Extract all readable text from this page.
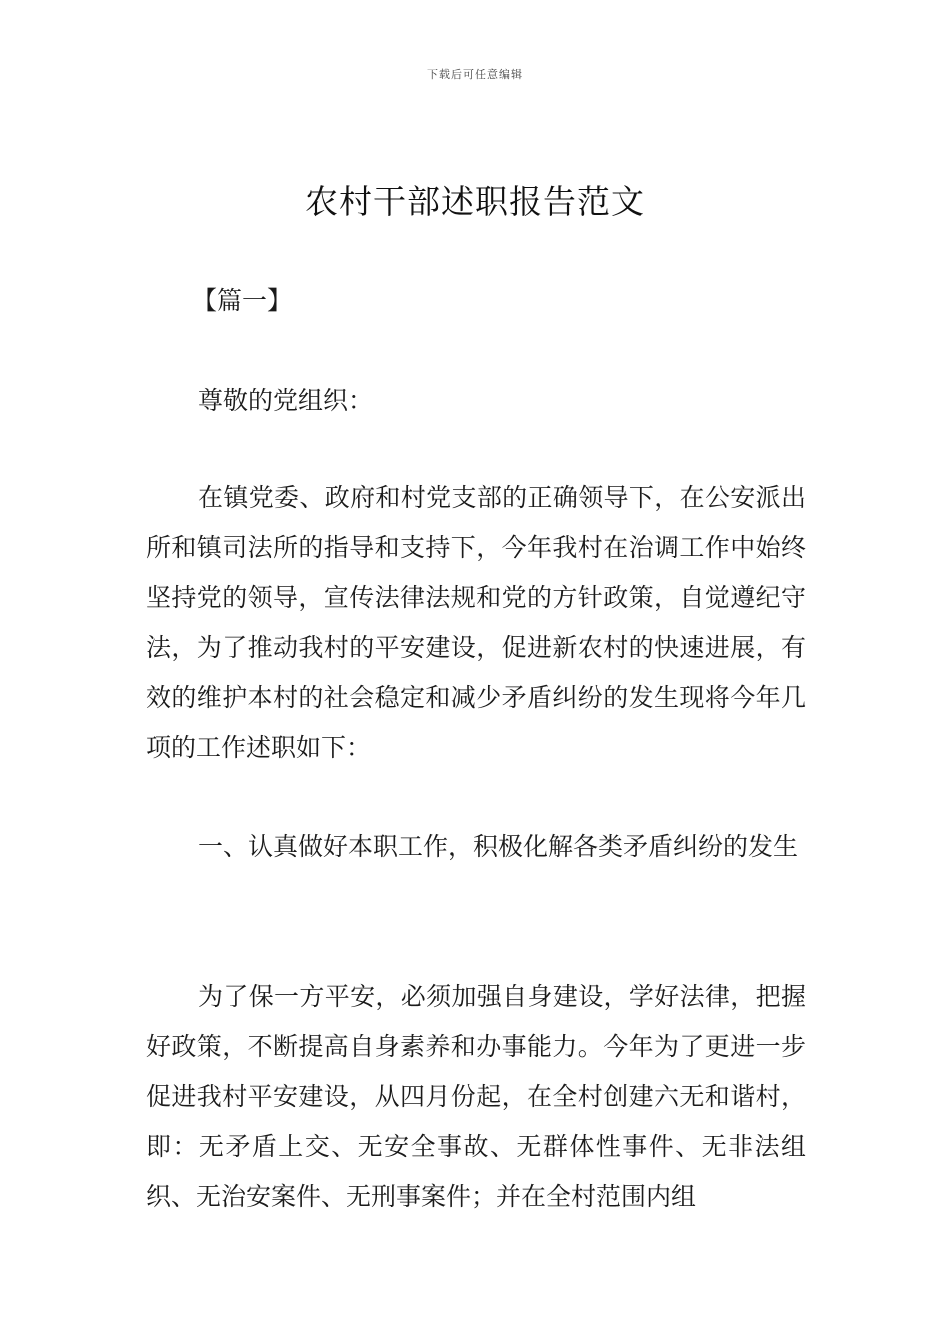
下载后可任意编辑
农村干部述职报告范文
【篇一】
尊敬的党组织：
在镇党委、政府和村党支部的正确领导下，在公安派出所和镇司法所的指导和支持下，今年我村在治调工作中始终坚持党的领导，宣传法律法规和党的方针政策，自觉遵纪守法，为了推动我村的平安建设，促进新农村的快速进展，有效的维护本村的社会稳定和减少矛盾纠纷的发生现将今年几项的工作述职如下：
一、认真做好本职工作，积极化解各类矛盾纠纷的发生
为了保一方平安，必须加强自身建设，学好法律，把握好政策，不断提高自身素养和办事能力。今年为了更进一步促进我村平安建设，从四月份起，在全村创建六无和谐村，即：无矛盾上交、无安全事故、无群体性事件、无非法组织、无治安案件、无刑事案件；并在全村范围内组
